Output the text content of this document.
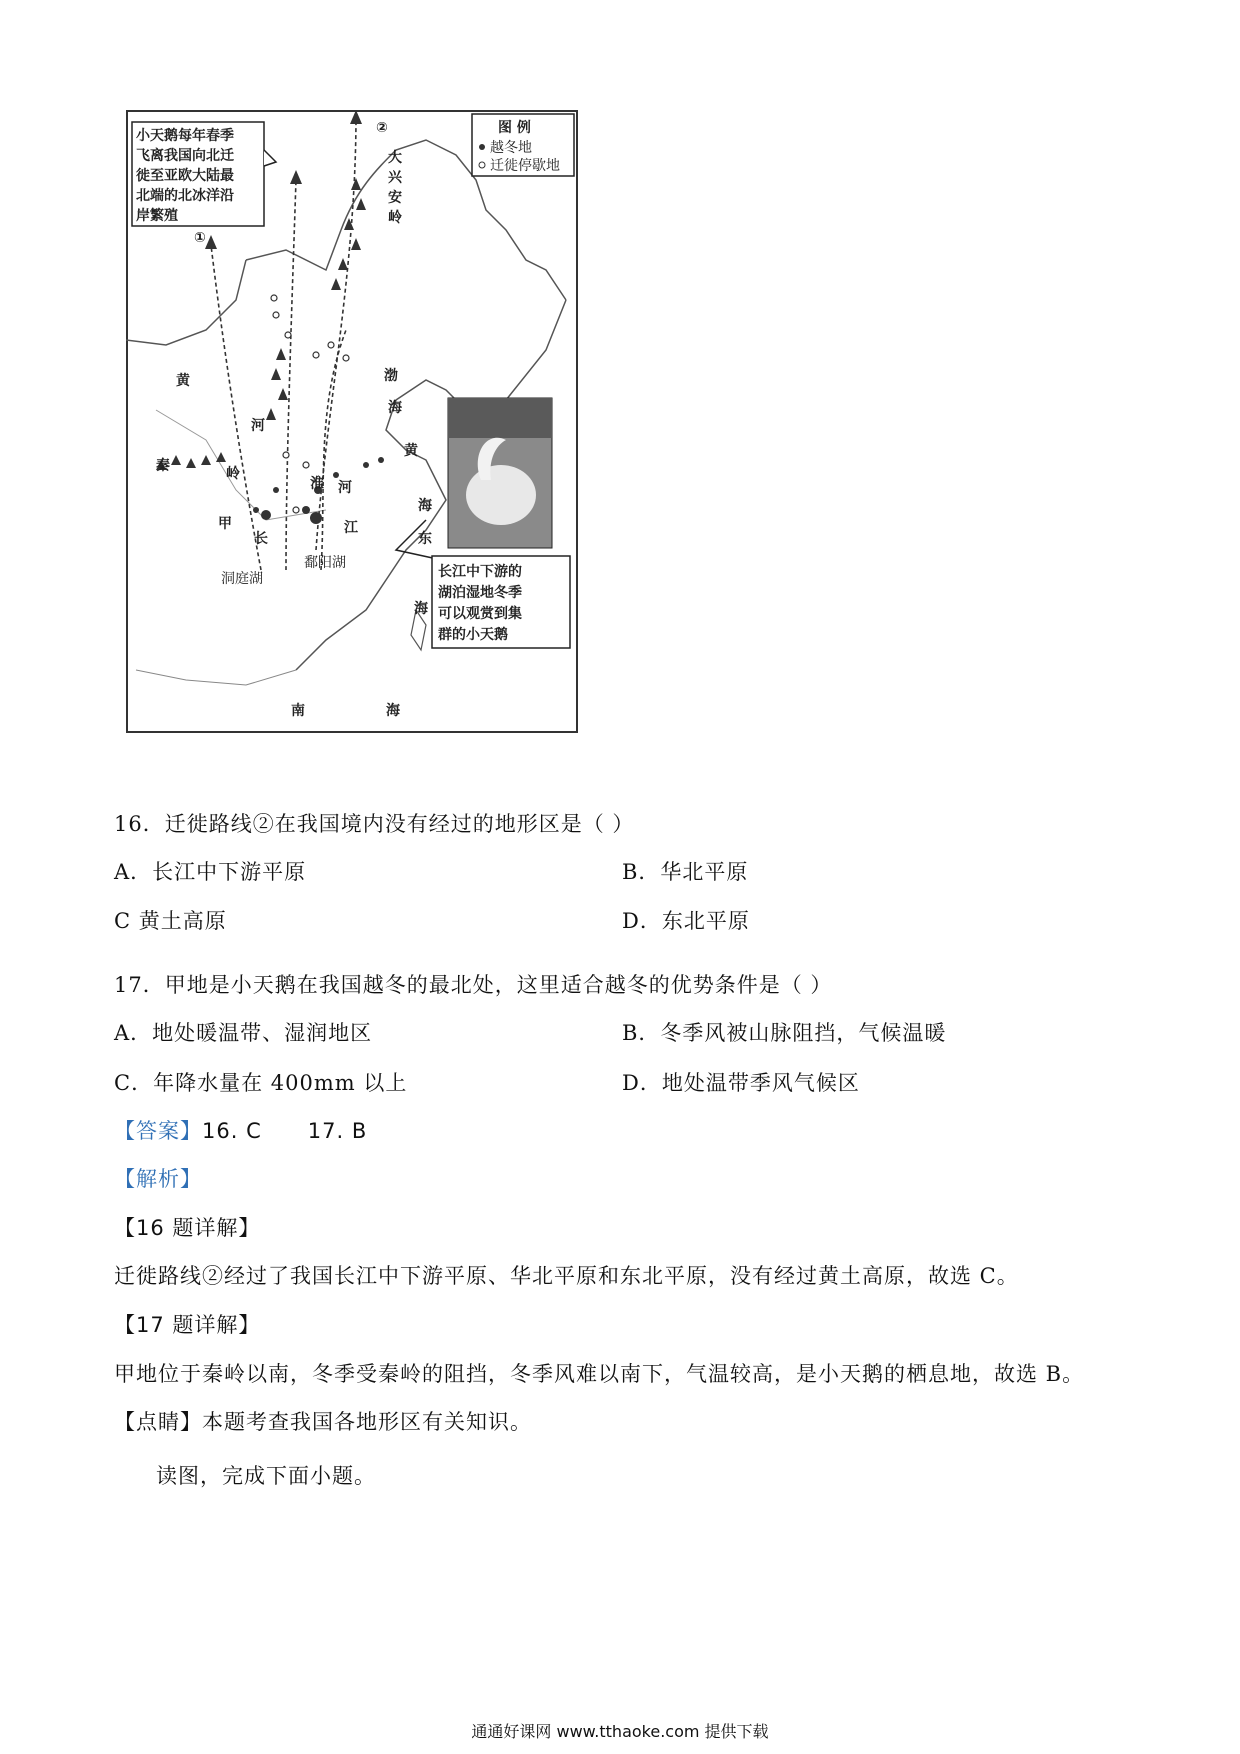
小天鹅每年春季
飞离我国向北迁
徙至亚欧大陆最
北端的北冰洋沿
岸繁殖
图 例
越冬地
迁徙停歇地
①
②
大
兴
安
岭
黄
河
渤
海
黄
海
秦	岭
甲
淮 河
长
江
东
海
洞庭湖
鄱阳湖
南	海
长江中下游的
湖泊湿地冬季
可以观赏到集
群的小天鹅
16．迁徙路线②在我国境内没有经过的地形区是（ ）
A．长江中下游平原	B．华北平原
C 黄土高原	D．东北平原
17．甲地是小天鹅在我国越冬的最北处，这里适合越冬的优势条件是（ ）
A．地处暖温带、湿润地区	B．冬季风被山脉阻挡，气候温暖
C．年降水量在 400mm 以上	D．地处温带季风气候区
【答案】16. C      17. B
【解析】
【16 题详解】
迁徙路线②经过了我国长江中下游平原、华北平原和东北平原，没有经过黄土高原，故选 C。
【17 题详解】
甲地位于秦岭以南，冬季受秦岭的阻挡，冬季风难以南下，气温较高，是小天鹅的栖息地，故选 B。
【点睛】本题考查我国各地形区有关知识。
读图，完成下面小题。
通通好课网 www.tthaoke.com 提供下载
